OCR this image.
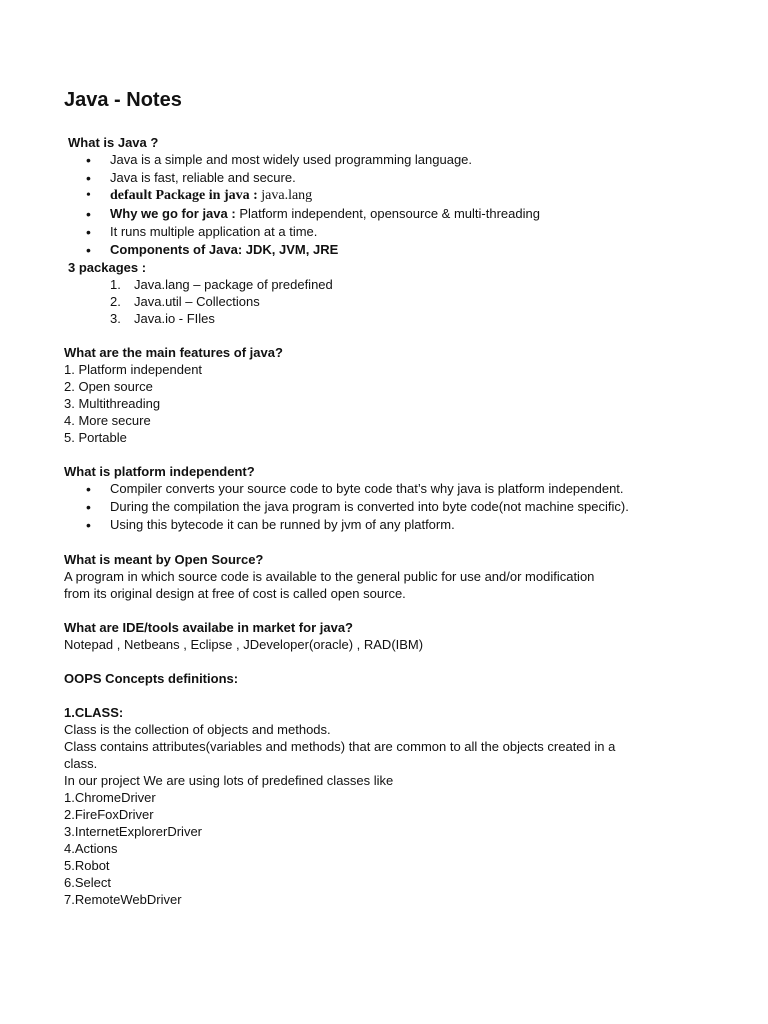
Java - Notes
What is Java ?
• Java is a simple and most widely used programming language.
• Java is fast, reliable and secure.
• default Package in java : java.lang
• Why we go for java : Platform independent, opensource & multi-threading
• It runs multiple application at a time.
• Components of Java: JDK, JVM, JRE
3 packages :
1. Java.lang – package of predefined
2. Java.util – Collections
3. Java.io - FIles
What are the main features of java?
1. Platform independent
2. Open source
3. Multithreading
4. More secure
5. Portable
What is platform independent?
• Compiler converts your source code to byte code that’s why java is platform independent.
• During the compilation the java program is converted into byte code(not machine specific).
• Using this bytecode it can be runned by jvm of any platform.
What is meant by Open Source?
A program in which source code is available to the general public for use and/or modification
from its original design at free of cost is called open source.
What are IDE/tools availabe in market for java?
Notepad , Netbeans , Eclipse , JDeveloper(oracle) , RAD(IBM)
OOPS Concepts definitions:
1.CLASS:
Class is the collection of objects and methods.
Class contains attributes(variables and methods) that are common to all the objects created in a
class.
In our project We are using lots of predefined classes like
1.ChromeDriver
2.FireFoxDriver
3.InternetExplorerDriver
4.Actions
5.Robot
6.Select
7.RemoteWebDriver
